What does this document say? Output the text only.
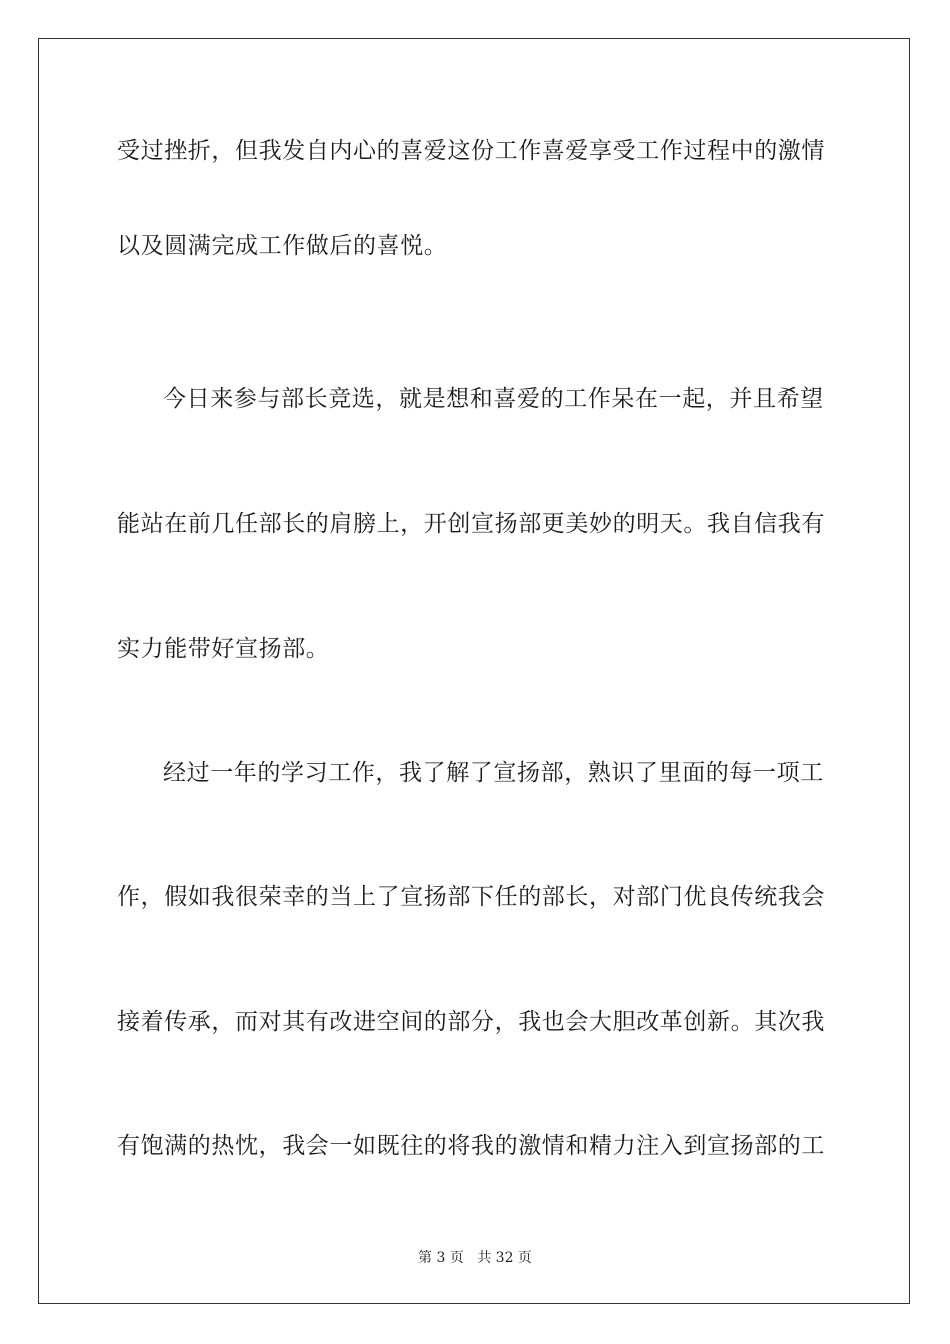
受过挫折，但我发自内心的喜爱这份工作喜爱享受工作过程中的激情
以及圆满完成工作做后的喜悦。
今日来参与部长竞选，就是想和喜爱的工作呆在一起，并且希望
能站在前几任部长的肩膀上，开创宣扬部更美妙的明天。我自信我有
实力能带好宣扬部。
经过一年的学习工作，我了解了宣扬部，熟识了里面的每一项工
作，假如我很荣幸的当上了宣扬部下任的部长，对部门优良传统我会
接着传承，而对其有改进空间的部分，我也会大胆改革创新。其次我
有饱满的热忱，我会一如既往的将我的激情和精力注入到宣扬部的工
第 3 页 共 32 页
